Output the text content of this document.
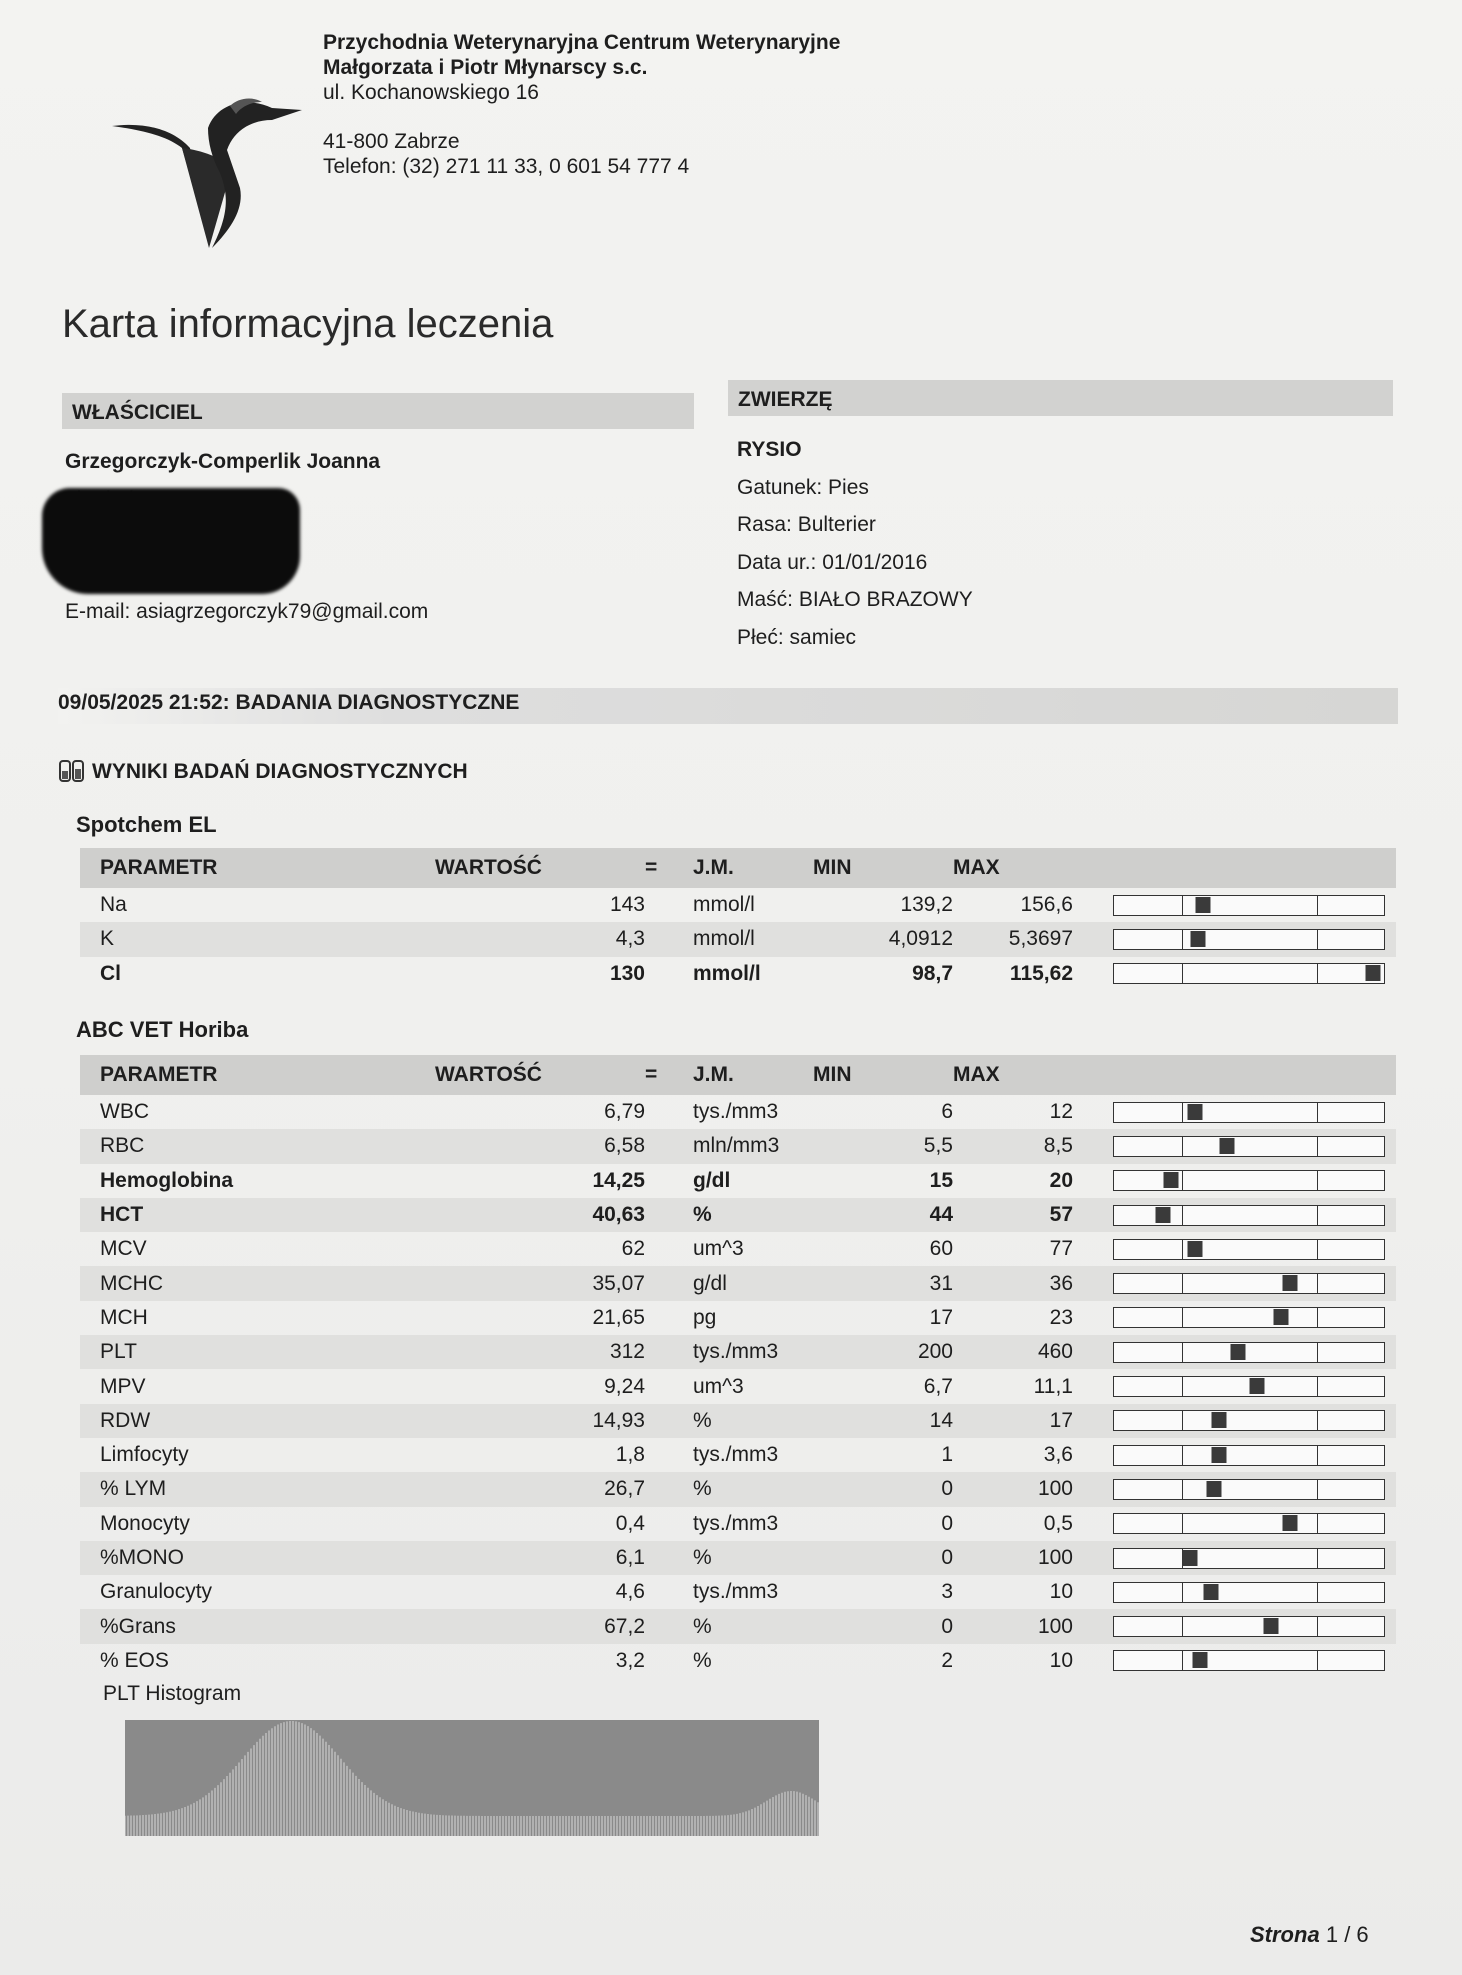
Przychodnia Weterynaryjna Centrum Weterynaryjne
Małgorzata i Piotr Młynarscy s.c.
ul. Kochanowskiego 16
41-800 Zabrze
Telefon: (32) 271 11 33, 0 601 54 777 4
Karta informacyjna leczenia
WŁAŚCICIEL
Grzegorczyk-Comperlik Joanna
E-mail: asiagrzegorczyk79@gmail.com
ZWIERZĘ
RYSIO
Gatunek: Pies
Rasa: Bulterier
Data ur.: 01/01/2016
Maść: BIAŁO BRAZOWY
Płeć: samiec
09/05/2025 21:52: BADANIA DIAGNOSTYCZNE
WYNIKI BADAŃ DIAGNOSTYCZNYCH
Spotchem EL
PARAMETR	WARTOŚĆ	=	J.M.	MIN	MAX	
Na	143		mmol/l	139,2	156,6	

K	4,3		mmol/l	4,0912	5,3697	

Cl	130		mmol/l	98,7	115,62	
ABC VET Horiba
PARAMETR	WARTOŚĆ	=	J.M.	MIN	MAX	
WBC	6,79		tys./mm3	6	12	

RBC	6,58		mln/mm3	5,5	8,5	

Hemoglobina	14,25		g/dl	15	20	

HCT	40,63		%	44	57	

MCV	62		um^3	60	77	

MCHC	35,07		g/dl	31	36	

MCH	21,65		pg	17	23	

PLT	312		tys./mm3	200	460	

MPV	9,24		um^3	6,7	11,1	

RDW	14,93		%	14	17	

Limfocyty	1,8		tys./mm3	1	3,6	

% LYM	26,7		%	0	100	

Monocyty	0,4		tys./mm3	0	0,5	

%MONO	6,1		%	0	100	

Granulocyty	4,6		tys./mm3	3	10	

%Grans	67,2		%	0	100	

% EOS	3,2		%	2	10	
PLT Histogram
Strona 1 / 6
